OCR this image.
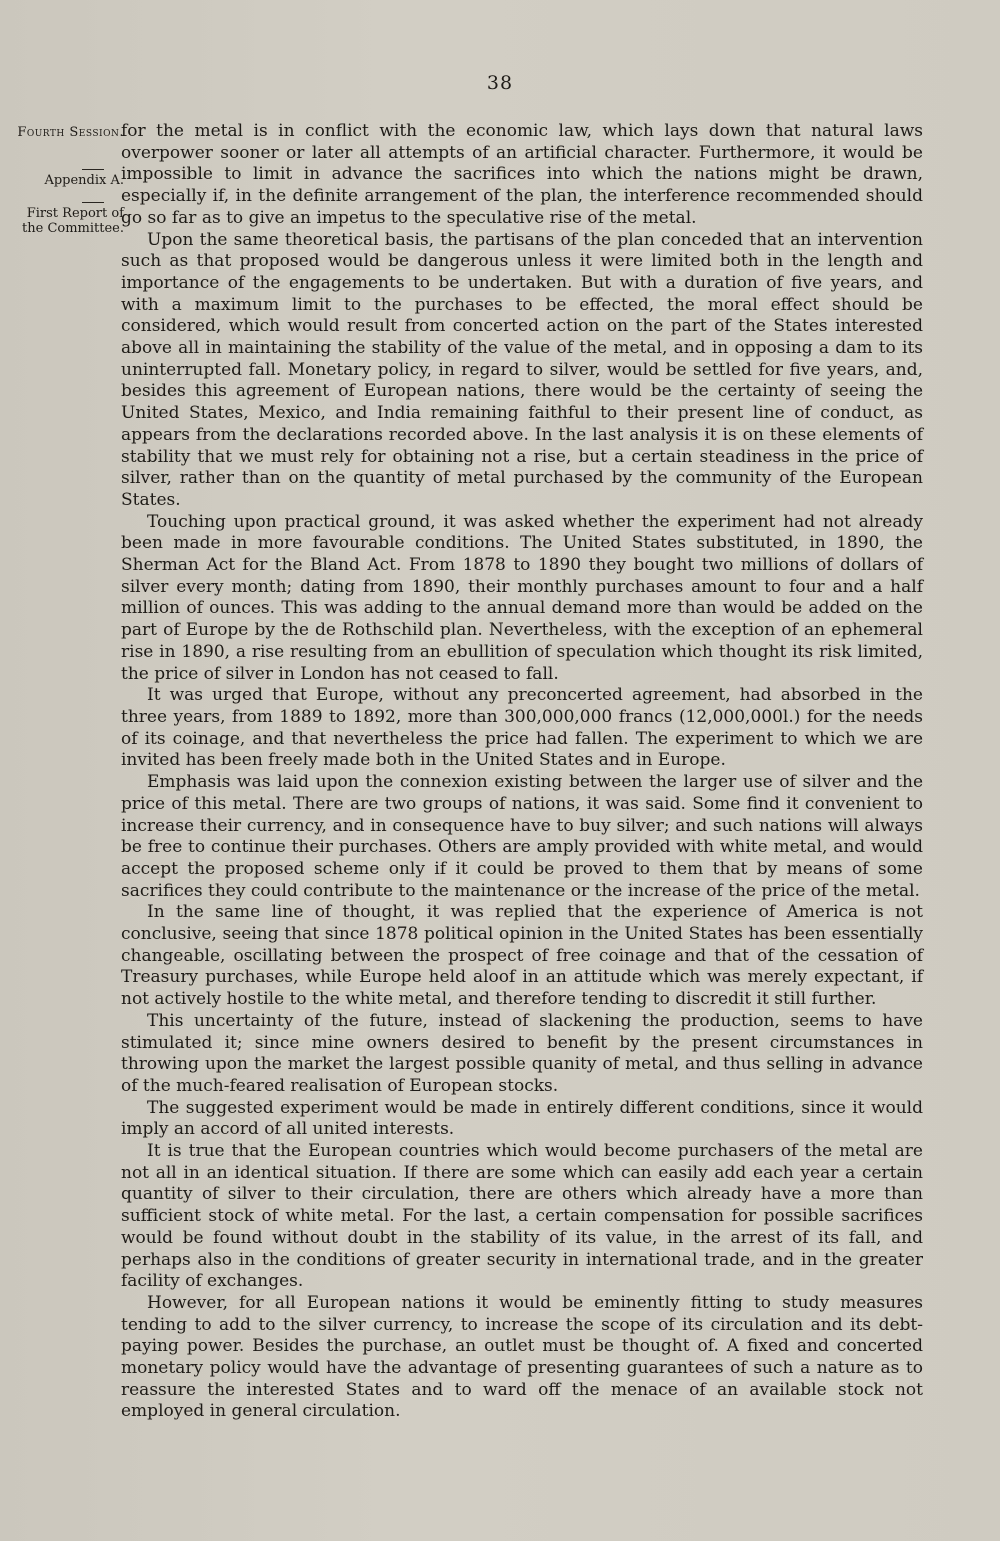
38
Fourth Session.
Appendix A.
First Report of the Committee.

for the metal is in conflict with the economic law, which lays down that natural laws overpower sooner or later all attempts of an artificial character. Furthermore, it would be impossible to limit in advance the sacrifices into which the nations might be drawn, especially if, in the definite arrangement of the plan, the interference recommended should go so far as to give an impetus to the speculative rise of the metal.

Upon the same theoretical basis, the partisans of the plan conceded that an intervention such as that proposed would be dangerous unless it were limited both in the length and importance of the engagements to be undertaken. But with a duration of five years, and with a maximum limit to the purchases to be effected, the moral effect should be considered, which would result from concerted action on the part of the States interested above all in maintaining the stability of the value of the metal, and in opposing a dam to its uninterrupted fall. Monetary policy, in regard to silver, would be settled for five years, and, besides this agreement of European nations, there would be the certainty of seeing the United States, Mexico, and India remaining faithful to their present line of conduct, as appears from the declarations recorded above. In the last analysis it is on these elements of stability that we must rely for obtaining not a rise, but a certain steadiness in the price of silver, rather than on the quantity of metal purchased by the community of the European States.

Touching upon practical ground, it was asked whether the experiment had not already been made in more favourable conditions. The United States substituted, in 1890, the Sherman Act for the Bland Act. From 1878 to 1890 they bought two millions of dollars of silver every month; dating from 1890, their monthly purchases amount to four and a half million of ounces. This was adding to the annual demand more than would be added on the part of Europe by the de Rothschild plan. Nevertheless, with the exception of an ephemeral rise in 1890, a rise resulting from an ebullition of speculation which thought its risk limited, the price of silver in London has not ceased to fall.

It was urged that Europe, without any preconcerted agreement, had absorbed in the three years, from 1889 to 1892, more than 300,000,000 francs (12,000,000l.) for the needs of its coinage, and that nevertheless the price had fallen. The experiment to which we are invited has been freely made both in the United States and in Europe.

Emphasis was laid upon the connexion existing between the larger use of silver and the price of this metal. There are two groups of nations, it was said. Some find it convenient to increase their currency, and in consequence have to buy silver; and such nations will always be free to continue their purchases. Others are amply provided with white metal, and would accept the proposed scheme only if it could be proved to them that by means of some sacrifices they could contribute to the maintenance or the increase of the price of the metal.

In the same line of thought, it was replied that the experience of America is not conclusive, seeing that since 1878 political opinion in the United States has been essentially changeable, oscillating between the prospect of free coinage and that of the cessation of Treasury purchases, while Europe held aloof in an attitude which was merely expectant, if not actively hostile to the white metal, and therefore tending to discredit it still further.

This uncertainty of the future, instead of slackening the production, seems to have stimulated it; since mine owners desired to benefit by the present circumstances in throwing upon the market the largest possible quanity of metal, and thus selling in advance of the much-feared realisation of European stocks.

The suggested experiment would be made in entirely different conditions, since it would imply an accord of all united interests.

It is true that the European countries which would become purchasers of the metal are not all in an identical situation. If there are some which can easily add each year a certain quantity of silver to their circulation, there are others which already have a more than sufficient stock of white metal. For the last, a certain compensation for possible sacrifices would be found without doubt in the stability of its value, in the arrest of its fall, and perhaps also in the conditions of greater security in international trade, and in the greater facility of exchanges.

However, for all European nations it would be eminently fitting to study measures tending to add to the silver currency, to increase the scope of its circulation and its debt-paying power. Besides the purchase, an outlet must be thought of. A fixed and concerted monetary policy would have the advantage of presenting guarantees of such a nature as to reassure the interested States and to ward off the menace of an available stock not employed in general circulation.
